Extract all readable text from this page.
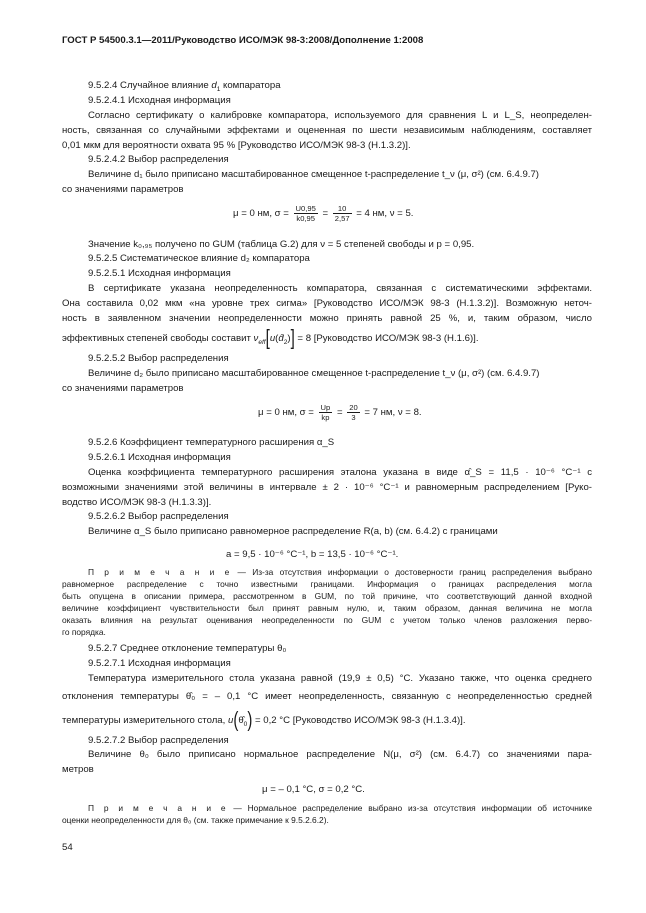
ГОСТ Р 54500.3.1—2011/Руководство ИСО/МЭК 98-3:2008/Дополнение 1:2008
9.5.2.4 Случайное влияние $d_1$ компаратора
9.5.2.4.1 Исходная информация
Согласно сертификату о калибровке компаратора, используемого для сравнения L и L_S, неопределен-
ность, связанная со случайными эффектами и оцененная по шести независимым наблюдениям, составляет
0,01 мкм для вероятности охвата 95 % [Руководство ИСО/МЭК 98-3 (H.1.3.2)].
9.5.2.4.2 Выбор распределения
Величине d₁ было приписано масштабированное смещенное t-распределение t_ν (μ, σ²) (см. 6.4.9.7)
со значениями параметров
μ = 0 нм, $\sigma = \frac{U0,95}{k0,95} = \frac{10}{2,57} = 4$ нм, ν = 5.
Значение k₀,₉₅ получено по GUM (таблица G.2) для ν = 5 степеней свободы и p = 0,95.
9.5.2.5 Систематическое влияние d₂ компаратора
9.5.2.5.1 Исходная информация
В сертификате указана неопределенность компаратора, связанная с систематическими эффектами.
Она составила 0,02 мкм «на уровне трех сигма» [Руководство ИСО/МЭК 98-3 (H.1.3.2)]. Возможную неточ-
ность в заявленном значении неопределенности можно принять равной 25 %, и, таким образом, число
эффективных степеней свободы составит $\nu_{eff}[u(d̂_2)] = 8$ [Руководство ИСО/МЭК 98-3 (H.1.6)].
9.5.2.5.2 Выбор распределения
Величине d₂ было приписано масштабированное смещенное t-распределение t_ν (μ, σ²) (см. 6.4.9.7)
со значениями параметров
μ = 0 нм, $\sigma = \frac{Up}{kp} = \frac{20}{3} = 7$ нм, ν = 8.
9.5.2.6 Коэффициент температурного расширения α_S
9.5.2.6.1 Исходная информация
Оценка коэффициента температурного расширения эталона указана в виде α̂_S = 11,5 · 10⁻⁶ °С⁻¹ с
возможными значениями этой величины в интервале ± 2 · 10⁻⁶ °С⁻¹ и равномерным распределением [Руко-
водство ИСО/МЭК 98-3 (H.1.3.3)].
9.5.2.6.2 Выбор распределения
Величине α_S было приписано равномерное распределение R(a, b) (см. 6.4.2) с границами
a = 9,5 · 10⁻⁶ °С⁻¹, b = 13,5 · 10⁻⁶ °С⁻¹.
П р и м е ч а н и е — Из-за отсутствия информации о достоверности границ распределения выбрано
равномерное распределение с точно известными границами. Информация о границах распределения могла
быть опущена в описании примера, рассмотренном в GUM, по той причине, что соответствующий данной входной
величине коэффициент чувствительности был принят равным нулю, и, таким образом, данная величина не могла
оказать влияния на результат оценивания неопределенности по GUM с учетом только членов разложения перво-
го порядка.
9.5.2.7 Среднее отклонение температуры θ₀
9.5.2.7.1 Исходная информация
Температура измерительного стола указана равной (19,9 ± 0,5) °С. Указано также, что оценка среднего
отклонения температуры θ̂₀ = – 0,1 °С имеет неопределенность, связанную с неопределенностью средней
температуры измерительного стола, $u(\thetâ_0) = 0,2$ °С [Руководство ИСО/МЭК 98-3 (H.1.3.4)].
9.5.2.7.2 Выбор распределения
Величине θ₀ было приписано нормальное распределение N(μ, σ²) (см. 6.4.7) со значениями пара-
метров
μ = – 0,1 °С, σ = 0,2 °С.
П р и м е ч а н и е — Нормальное распределение выбрано из-за отсутствия информации об источнике
оценки неопределенности для θ₀ (см. также примечание к 9.5.2.6.2).
54
